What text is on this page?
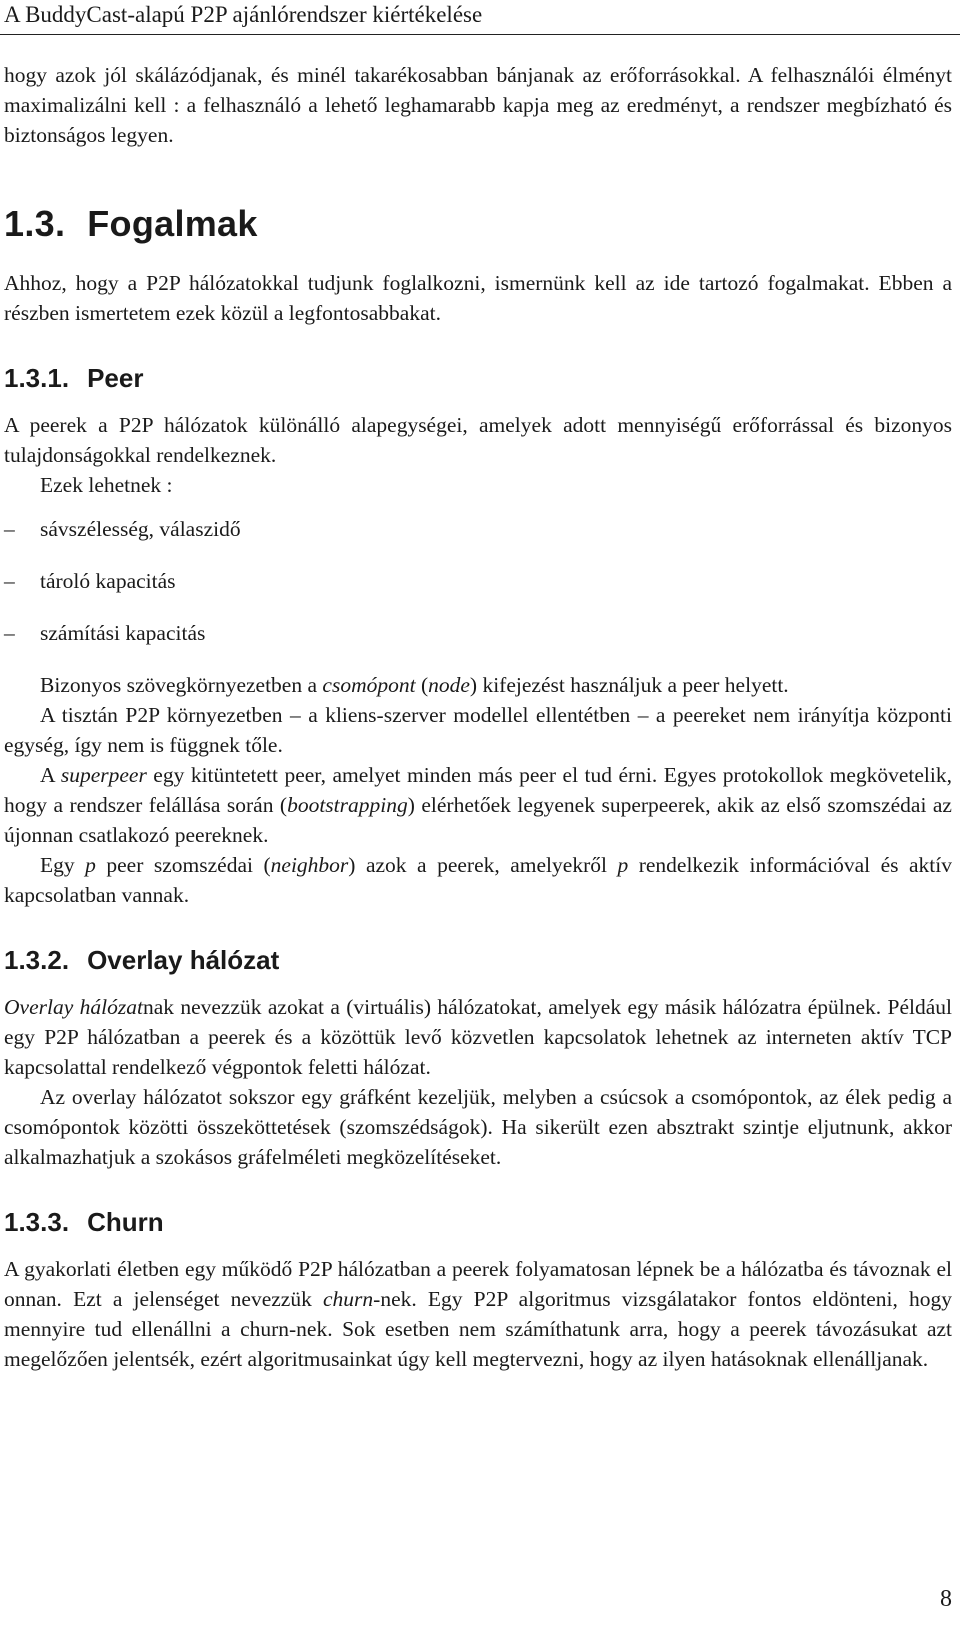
A BuddyCast-alapú P2P ajánlórendszer kiértékelése

hogy azok jól skálázódjanak, és minél takarékosabban bánjanak az erőforrásokkal. A felhasználói élményt maximalizálni kell : a felhasználó a lehető leghamarabb kapja meg az eredményt, a rendszer megbízható és biztonságos legyen.

1.3. Fogalmak

Ahhoz, hogy a P2P hálózatokkal tudjunk foglalkozni, ismernünk kell az ide tartozó fogalmakat. Ebben a részben ismertetem ezek közül a legfontosabbakat.

1.3.1. Peer

A peerek a P2P hálózatok különálló alapegységei, amelyek adott mennyiségű erőforrással és bizonyos tulajdonságokkal rendelkeznek.

Ezek lehetnek :

–	sávszélesség, válaszidő
–	tároló kapacitás
–	számítási kapacitás

Bizonyos szövegkörnyezetben a csomópont (node) kifejezést használjuk a peer helyett.

A tisztán P2P környezetben – a kliens-szerver modellel ellentétben – a peereket nem irányítja központi egység, így nem is függnek tőle.

A superpeer egy kitüntetett peer, amelyet minden más peer el tud érni. Egyes protokollok megkövetelik, hogy a rendszer felállása során (bootstrapping) elérhetőek legyenek superpeerek, akik az első szomszédai az újonnan csatlakozó peereknek.

Egy p peer szomszédai (neighbor) azok a peerek, amelyekről p rendelkezik információval és aktív kapcsolatban vannak.

1.3.2. Overlay hálózat

Overlay hálózatnak nevezzük azokat a (virtuális) hálózatokat, amelyek egy másik hálózatra épülnek. Például egy P2P hálózatban a peerek és a közöttük levő közvetlen kapcsolatok lehetnek az interneten aktív TCP kapcsolattal rendelkező végpontok feletti hálózat.

Az overlay hálózatot sokszor egy gráfként kezeljük, melyben a csúcsok a csomópontok, az élek pedig a csomópontok közötti összeköttetések (szomszédságok). Ha sikerült ezen absztrakt szintje eljutnunk, akkor alkalmazhatjuk a szokásos gráfelméleti megközelítéseket.

1.3.3. Churn

A gyakorlati életben egy működő P2P hálózatban a peerek folyamatosan lépnek be a hálózatba és távoznak el onnan. Ezt a jelenséget nevezzük churn-nek. Egy P2P algoritmus vizsgálatakor fontos eldönteni, hogy mennyire tud ellenállni a churn-nek. Sok esetben nem számíthatunk arra, hogy a peerek távozásukat azt megelőzően jelentsék, ezért algoritmusainkat úgy kell megtervezni, hogy az ilyen hatásoknak ellenálljanak.

8
